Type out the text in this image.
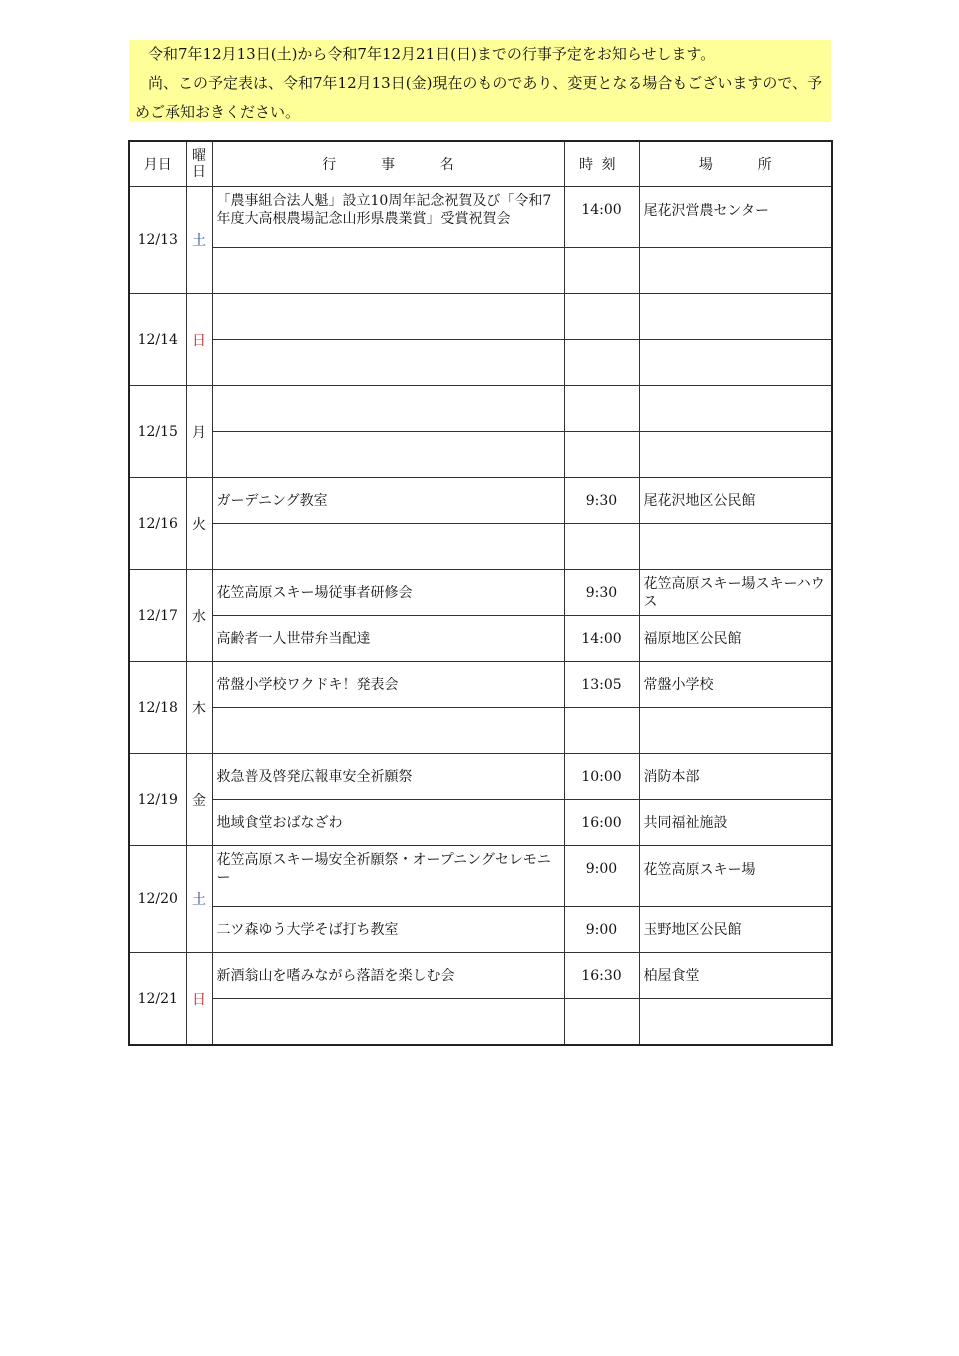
令和7年12月13日(土)から令和7年12月21日(日)までの行事予定をお知らせします。

尚、この予定表は、令和7年12月13日(金)現在のものであり、変更となる場合もございますので、予めご承知おきください。

月日	曜日	行事名	時刻	場所
12/13	土	「農事組合法人魁」設立10周年記念祝賀及び「令和7年度大高根農場記念山形県農業賞」受賞祝賀会	14:00	尾花沢営農センター

12/14	日			

12/15	月			

12/16	火	ガーデニング教室	9:30	尾花沢地区公民館

12/17	水	花笠高原スキー場従事者研修会	9:30	花笠高原スキー場スキーハウス
		高齢者一人世帯弁当配達	14:00	福原地区公民館
12/18	木	常盤小学校ワクドキ！発表会	13:05	常盤小学校

12/19	金	救急普及啓発広報車安全祈願祭	10:00	消防本部
		地域食堂おばなざわ	16:00	共同福祉施設
12/20	土	花笠高原スキー場安全祈願祭・オープニングセレモニー	9:00	花笠高原スキー場
		二ツ森ゆう大学そば打ち教室	9:00	玉野地区公民館
12/21	日	新酒翁山を嗜みながら落語を楽しむ会	16:30	柏屋食堂
